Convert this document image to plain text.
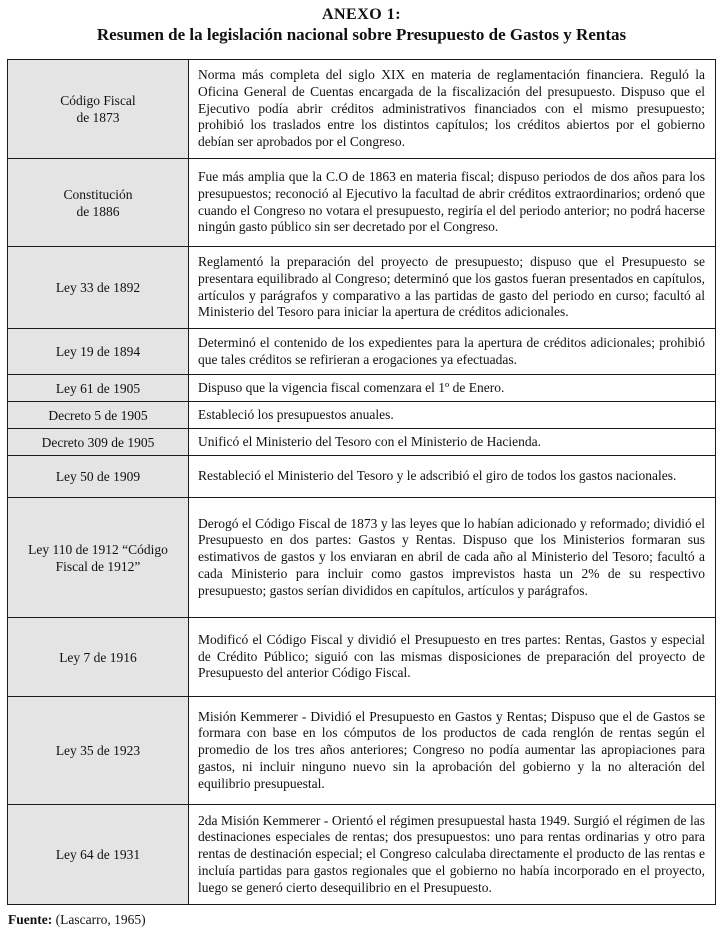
ANEXO 1:
Resumen de la legislación nacional sobre Presupuesto de Gastos y Rentas
Código Fiscal
de 1873	Norma más completa del siglo XIX en materia de reglamentación financiera. Reguló la Oficina General de Cuentas encargada de la fiscalización del presupuesto. Dispuso que el Ejecutivo podía abrir créditos administrativos financiados con el mismo presupuesto; prohibió los traslados entre los distintos capítulos; los créditos abiertos por el gobierno debían ser aprobados por el Congreso.

Constitución
de 1886	Fue más amplia que la C.O de 1863 en materia fiscal; dispuso periodos de dos años para los presupuestos; reconoció al Ejecutivo la facultad de abrir créditos extraordinarios; ordenó que cuando el Congreso no votara el presupuesto, regiría el del periodo anterior; no podrá hacerse ningún gasto público sin ser decretado por el Congreso.

Ley 33 de 1892	Reglamentó la preparación del proyecto de presupuesto; dispuso que el Presupuesto se presentara equilibrado al Congreso; determinó que los gastos fueran presentados en capítulos, artículos y parágrafos y comparativo a las partidas de gasto del periodo en curso; facultó al Ministerio del Tesoro para iniciar la apertura de créditos adicionales.

Ley 19 de 1894	Determinó el contenido de los expedientes para la apertura de créditos adicionales; prohibió que tales créditos se refirieran a erogaciones ya efectuadas.

Ley 61 de 1905	Dispuso que la vigencia fiscal comenzara el 1º de Enero.

Decreto 5 de 1905	Estableció los presupuestos anuales.

Decreto 309 de 1905	Unificó el Ministerio del Tesoro con el Ministerio de Hacienda.

Ley 50 de 1909	Restableció el Ministerio del Tesoro y le adscribió el giro de todos los gastos nacionales.

Ley 110 de 1912 “Código
Fiscal de 1912”	Derogó el Código Fiscal de 1873 y las leyes que lo habían adicionado y reformado; dividió el Presupuesto en dos partes: Gastos y Rentas. Dispuso que los Ministerios formaran sus estimativos de gastos y los enviaran en abril de cada año al Ministerio del Tesoro; facultó a cada Ministerio para incluir como gastos imprevistos hasta un 2% de su respectivo presupuesto; gastos serían divididos en capítulos, artículos y parágrafos.

Ley 7 de 1916	Modificó el Código Fiscal y dividió el Presupuesto en tres partes: Rentas, Gastos y especial de Crédito Público; siguió con las mismas disposiciones de preparación del proyecto de Presupuesto del anterior Código Fiscal.

Ley 35 de 1923	Misión Kemmerer - Dividió el Presupuesto en Gastos y Rentas; Dispuso que el de Gastos se formara con base en los cómputos de los productos de cada renglón de rentas según el promedio de los tres años anteriores; Congreso no podía aumentar las apropiaciones para gastos, ni incluir ninguno nuevo sin la aprobación del gobierno y la no alteración del equilibrio presupuestal.

Ley 64 de 1931	2da Misión Kemmerer - Orientó el régimen presupuestal hasta 1949. Surgió el régimen de las destinaciones especiales de rentas; dos presupuestos: uno para rentas ordinarias y otro para rentas de destinación especial; el Congreso calculaba directamente el producto de las rentas e incluía partidas para gastos regionales que el gobierno no había incorporado en el proyecto, luego se generó cierto desequilibrio en el Presupuesto.

Fuente: (Lascarro, 1965)
